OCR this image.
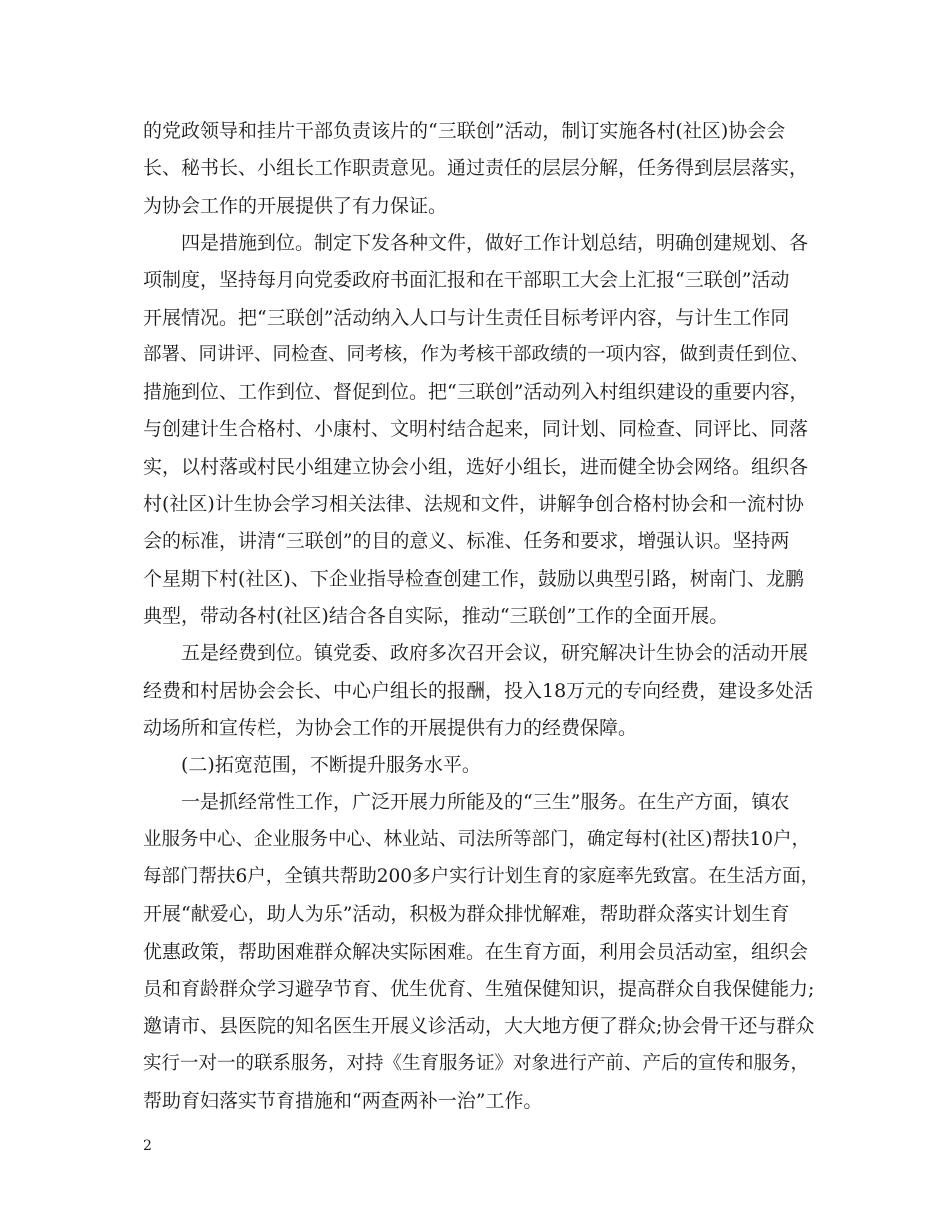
的党政领导和挂片干部负责该片的“三联创”活动，制订实施各村(社区)协会会

长、秘书长、小组长工作职责意见。通过责任的层层分解，任务得到层层落实，

为协会工作的开展提供了有力保证。

四是措施到位。制定下发各种文件，做好工作计划总结，明确创建规划、各

项制度，坚持每月向党委政府书面汇报和在干部职工大会上汇报“三联创”活动

开展情况。把“三联创”活动纳入人口与计生责任目标考评内容，与计生工作同

部署、同讲评、同检查、同考核，作为考核干部政绩的一项内容，做到责任到位、

措施到位、工作到位、督促到位。把“三联创”活动列入村组织建设的重要内容，

与创建计生合格村、小康村、文明村结合起来，同计划、同检查、同评比、同落

实，以村落或村民小组建立协会小组，选好小组长，进而健全协会网络。组织各

村(社区)计生协会学习相关法律、法规和文件，讲解争创合格村协会和一流村协

会的标准，讲清“三联创”的目的意义、标准、任务和要求，增强认识。坚持两

个星期下村(社区)、下企业指导检查创建工作，鼓励以典型引路，树南门、龙鹏

典型，带动各村(社区)结合各自实际，推动“三联创”工作的全面开展。

五是经费到位。镇党委、政府多次召开会议，研究解决计生协会的活动开展

经费和村居协会会长、中心户组长的报酬，投入18万元的专向经费，建设多处活

动场所和宣传栏，为协会工作的开展提供有力的经费保障。

(二)拓宽范围，不断提升服务水平。

一是抓经常性工作，广泛开展力所能及的“三生”服务。在生产方面，镇农

业服务中心、企业服务中心、林业站、司法所等部门，确定每村(社区)帮扶10户，

每部门帮扶6户，全镇共帮助200多户实行计划生育的家庭率先致富。在生活方面，

开展“献爱心，助人为乐”活动，积极为群众排忧解难，帮助群众落实计划生育

优惠政策，帮助困难群众解决实际困难。在生育方面，利用会员活动室，组织会

员和育龄群众学习避孕节育、优生优育、生殖保健知识，提高群众自我保健能力;

邀请市、县医院的知名医生开展义诊活动，大大地方便了群众;协会骨干还与群众

实行一对一的联系服务，对持《生育服务证》对象进行产前、产后的宣传和服务，

帮助育妇落实节育措施和“两查两补一治”工作。

2
